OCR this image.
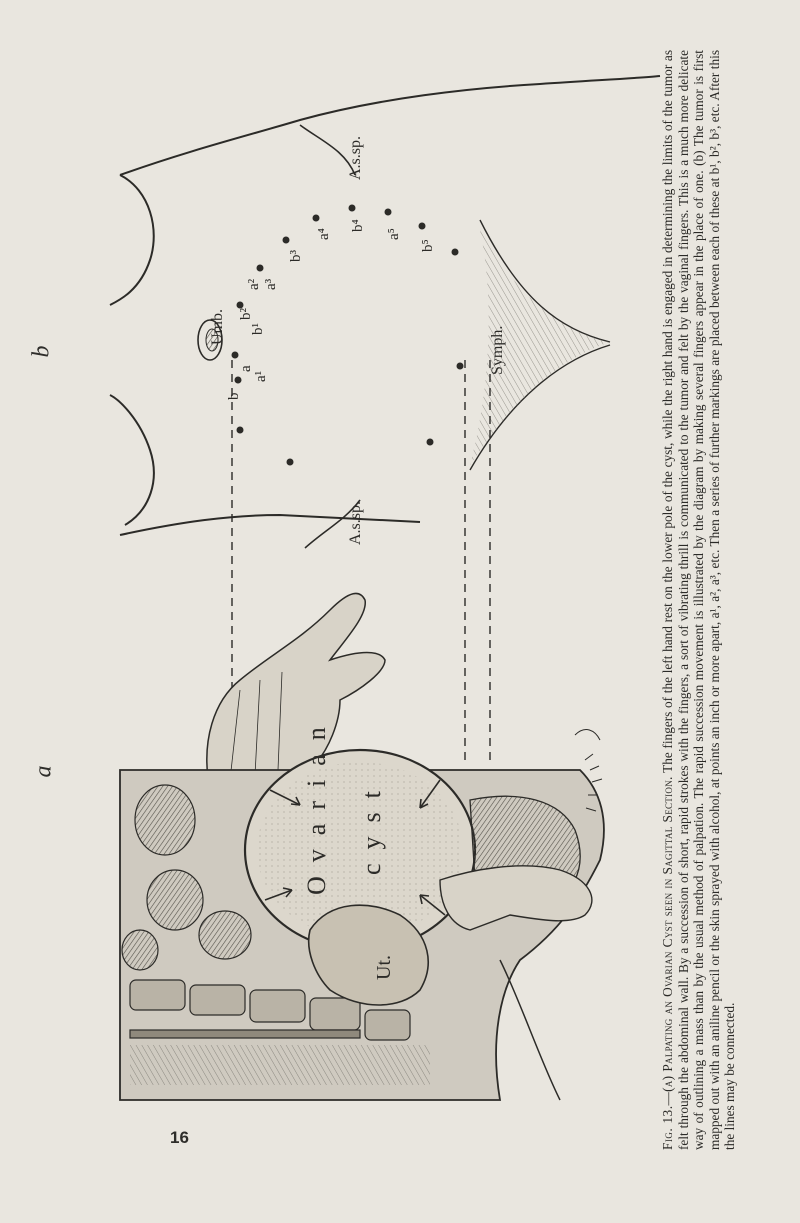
16
a
b
a
b
a¹
b¹
a²
b²
a³
b³
a⁴
b⁴
a⁵
b⁵
Umb.	Symph.
A.s.sp.
A.s.sp.
Ovarian cyst
Ut.
Fig. 13.—(a) Palpating an Ovarian Cyst seen in Sagittal Section. The fingers of the left hand rest on the lower pole of the cyst, while the right hand is engaged in determining the limits of the tumor as felt through the abdominal wall. By a succession of short, rapid strokes with the fingers, a sort of vibrating thrill is communicated to the tumor and felt by the vaginal fingers. This is a much more delicate way of outlining a mass than by the usual method of palpation. The rapid succession movement is illustrated by the diagram by making several fingers appear in the place of one. (b) The tumor is first mapped out with an aniline pencil or the skin sprayed with alcohol, at points an inch or more apart, a¹, a², a³, etc. Then a series of further markings are placed between each of these at b¹, b², b³, etc. After this the lines may be connected.
